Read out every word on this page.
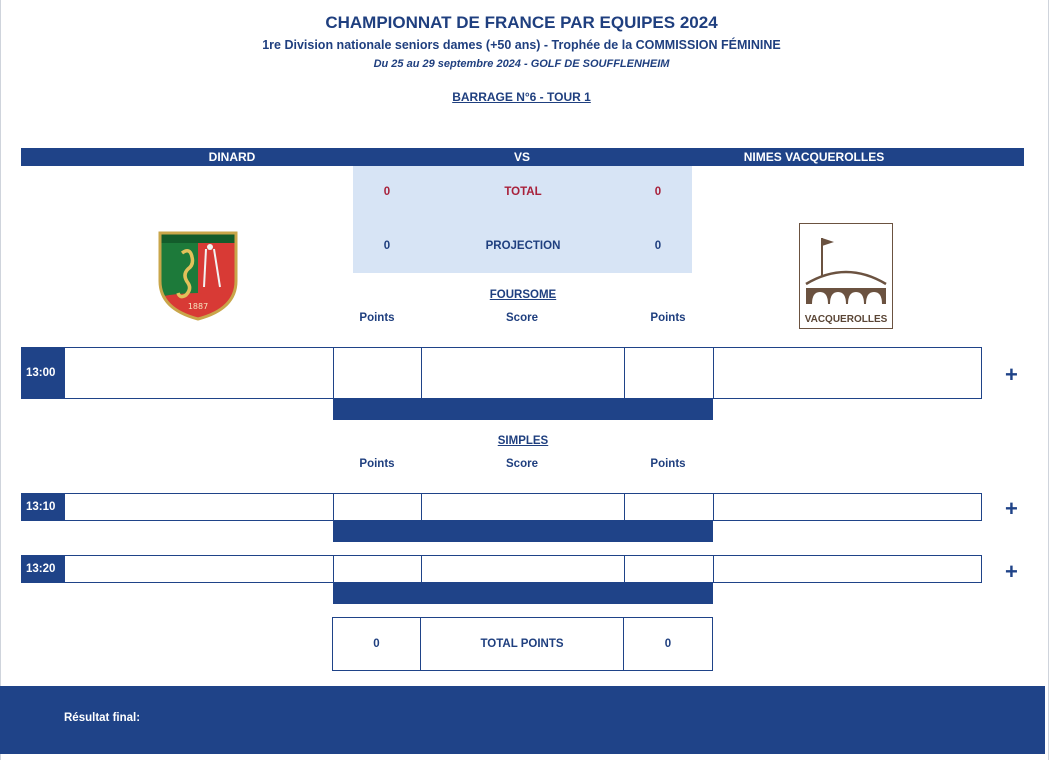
CHAMPIONNAT DE FRANCE PAR EQUIPES 2024
1re Division nationale seniors dames (+50 ans) - Trophée de la COMMISSION FÉMININE
Du 25 au 29 septembre 2024 - GOLF DE SOUFFLENHEIM
BARRAGE N°6 - TOUR 1
DINARD	VS	NIMES VACQUEROLLES
0	TOTAL	0
0	PROJECTION	0
1887
VACQUEROLLES
FOURSOME
Points	Score	Points
13:00	+
SIMPLES
Points	Score	Points
13:10	+
13:20	+
0	TOTAL POINTS	0
Résultat final:
